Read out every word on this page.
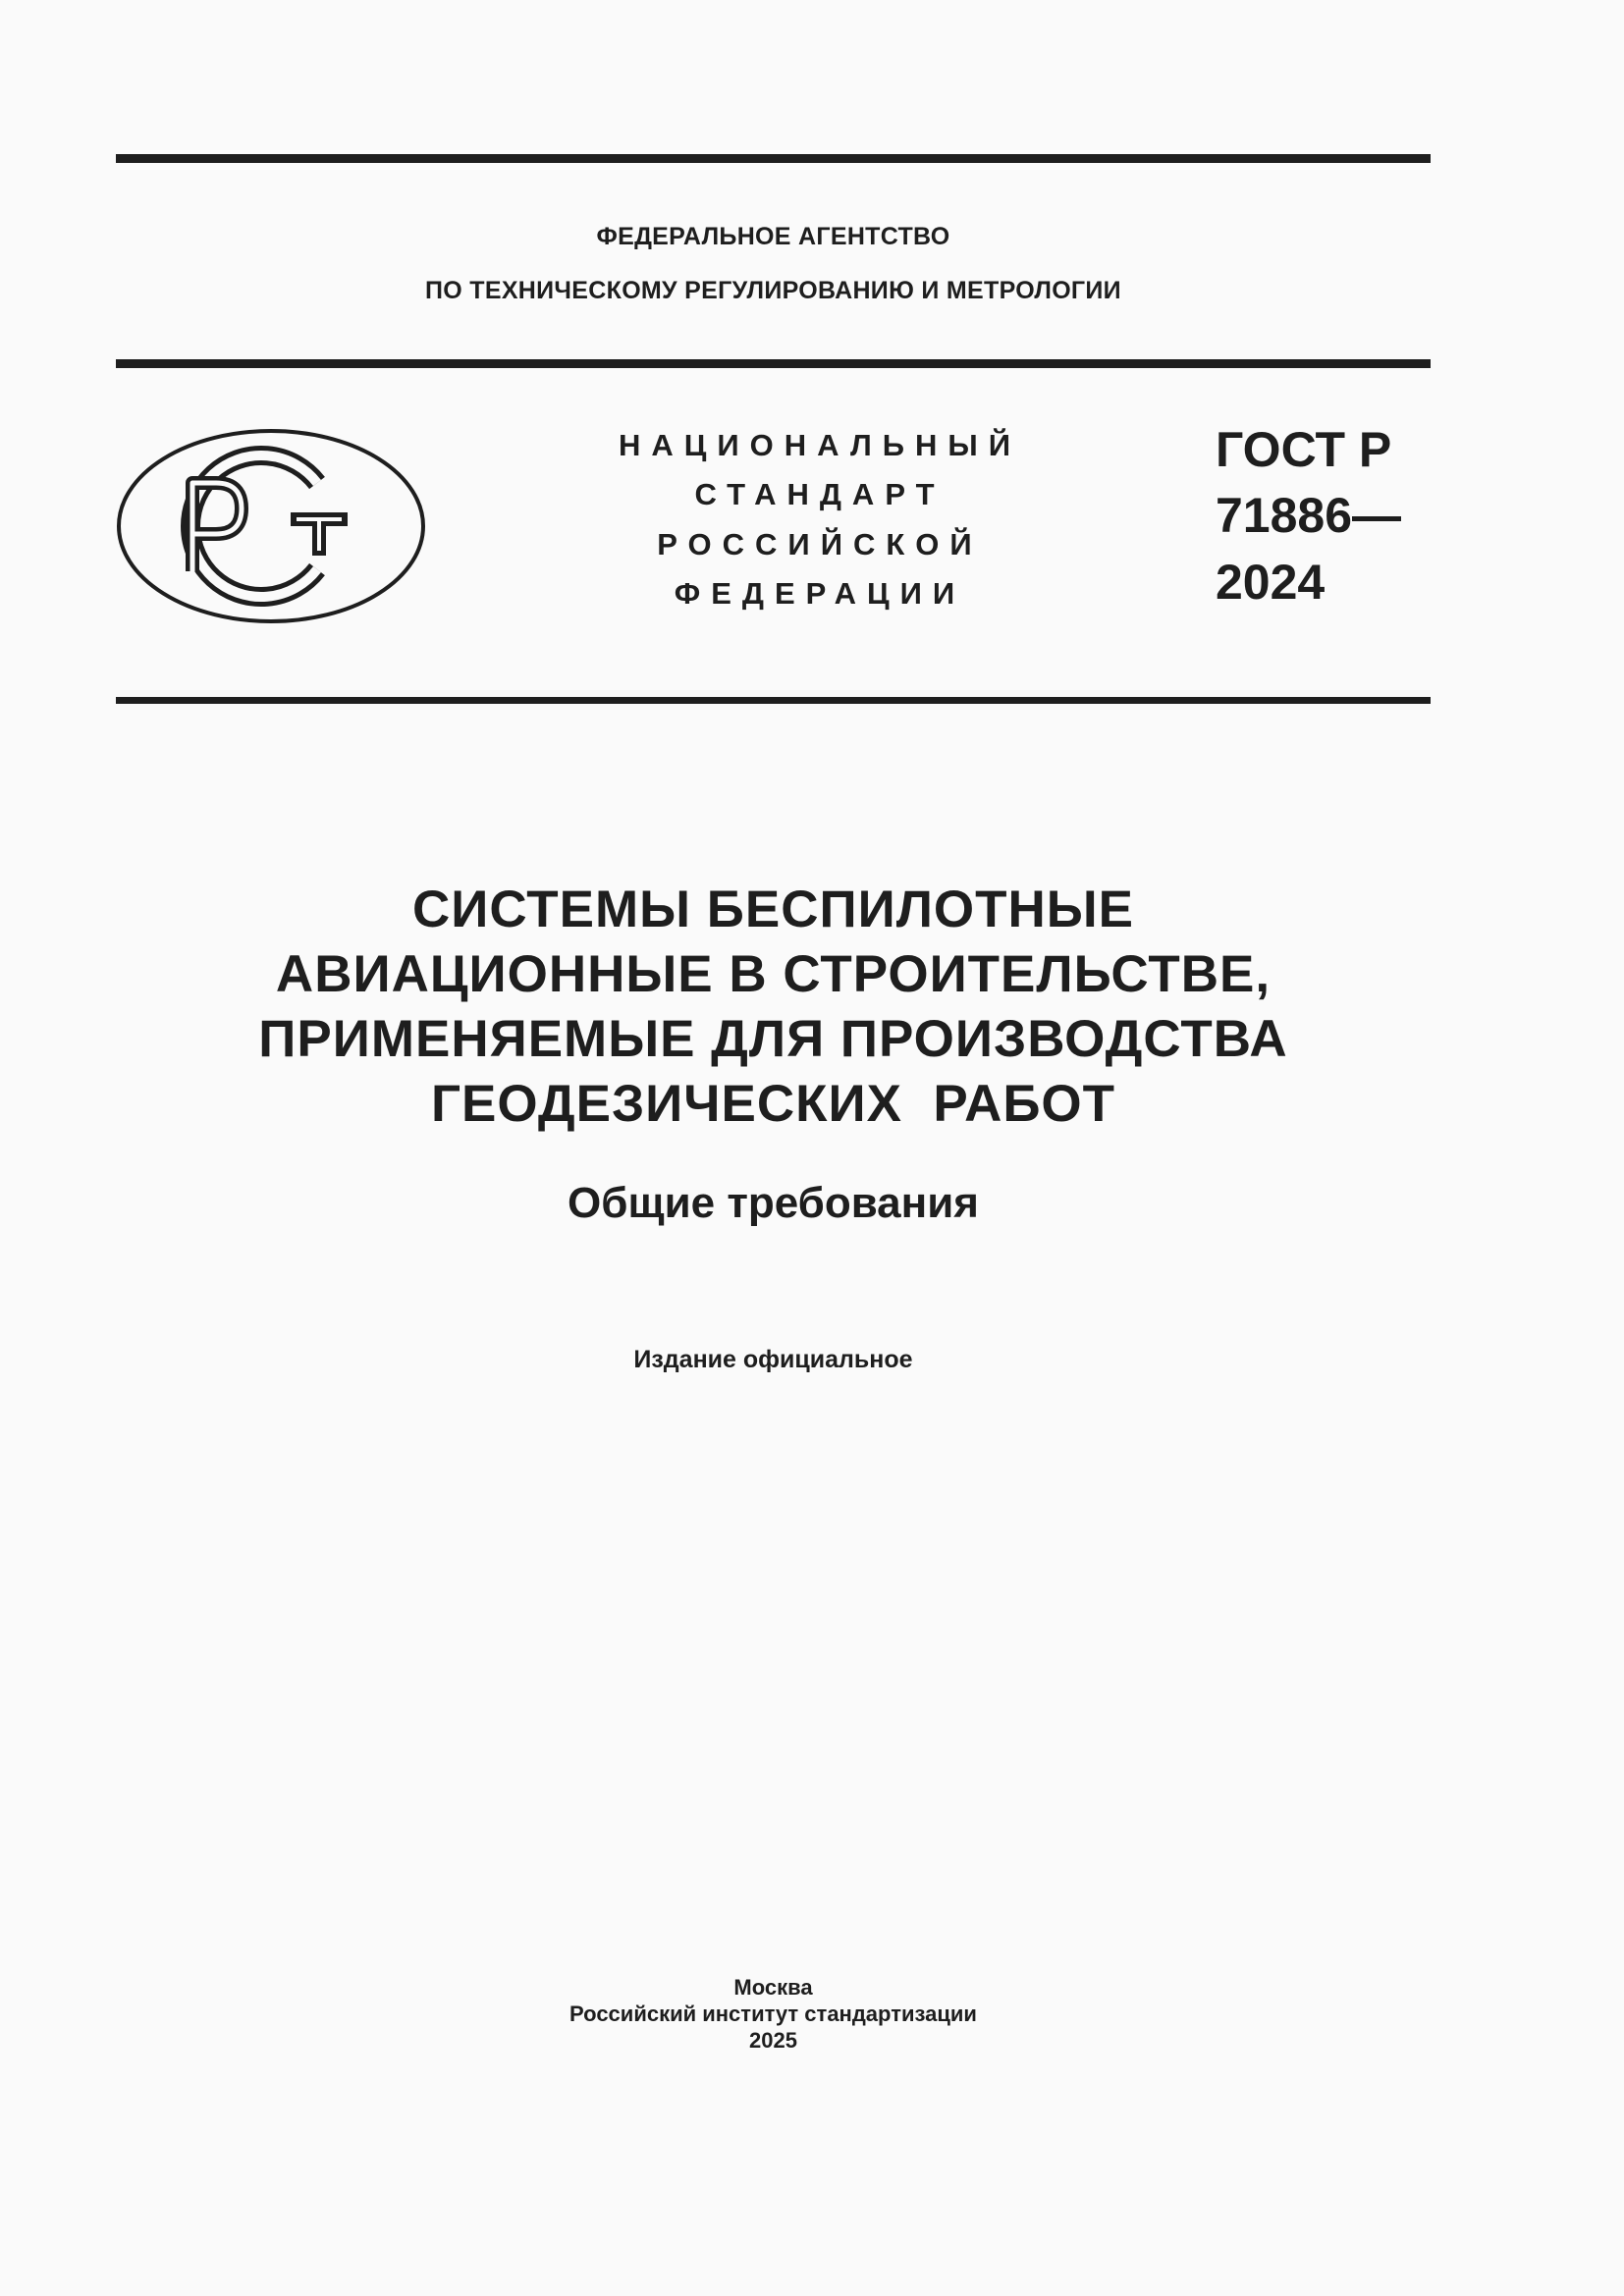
ФЕДЕРАЛЬНОЕ АГЕНТСТВО
ПО ТЕХНИЧЕСКОМУ РЕГУЛИРОВАНИЮ И МЕТРОЛОГИИ
НАЦИОНАЛЬНЫЙ
СТАНДАРТ
РОССИЙСКОЙ
ФЕДЕРАЦИИ
ГОСТ Р
71886—
2024
СИСТЕМЫ БЕСПИЛОТНЫЕ
АВИАЦИОННЫЕ В СТРОИТЕЛЬСТВЕ,
ПРИМЕНЯЕМЫЕ ДЛЯ ПРОИЗВОДСТВА
ГЕОДЕЗИЧЕСКИХ  РАБОТ
Общие требования
Издание официальное
Москва
Российский институт стандартизации
2025
